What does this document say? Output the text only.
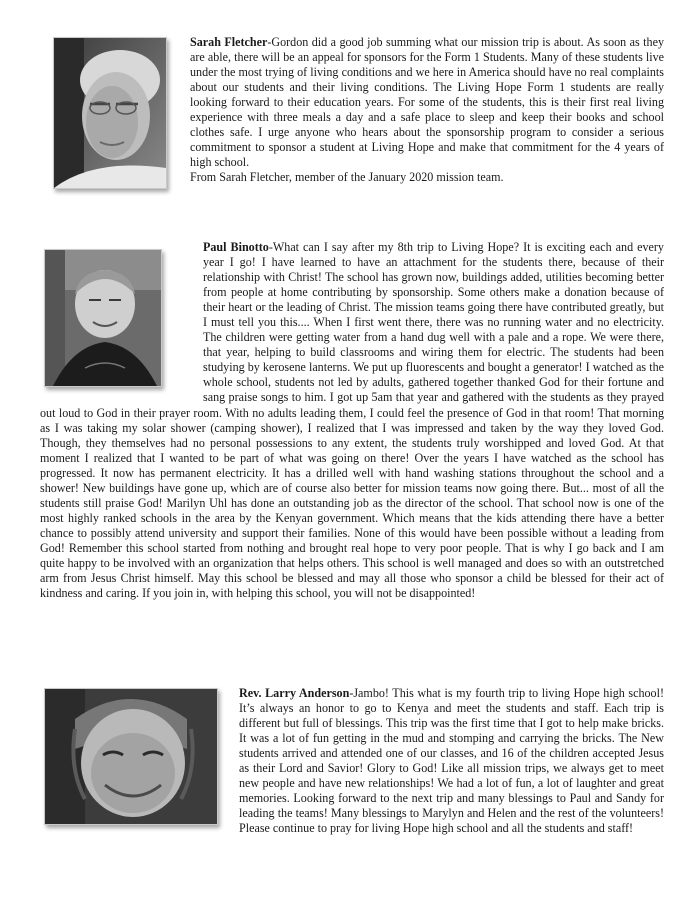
Sarah Fletcher-Gordon did a good job summing what our mission trip is about. As soon as they are able, there will be an appeal for sponsors for the Form 1 Students. Many of these students live under the most trying of living conditions and we here in America should have no real complaints about our students and their living conditions. The Living Hope Form 1 students are really looking forward to their education years. For some of the students, this is their first real living experience with three meals a day and a safe place to sleep and keep their books and school clothes safe. I urge anyone who hears about the sponsorship program to consider a serious commitment to sponsor a student at Living Hope and make that commitment for the 4 years of high school.

From Sarah Fletcher, member of the January 2020 mission team.

Paul Binotto-What can I say after my 8th trip to Living Hope? It is exciting each and every year I go! I have learned to have an attachment for the students there, because of their relationship with Christ! The school has grown now, buildings added, utilities becoming better from people at home contributing by sponsorship. Some others make a donation because of their heart or the leading of Christ. The mission teams going there have contributed greatly, but I must tell you this.... When I first went there, there was no running water and no electricity. The children were getting water from a hand dug well with a pale and a rope. We were there, that year, helping to build classrooms and wiring them for electric. The students had been studying by kerosene lanterns. We put up fluorescents and bought a generator! I watched as the whole school, students not led by adults, gathered together thanked God for their fortune and sang praise songs to him. I got up 5am that year and gathered with the students as they prayed out loud to God in their prayer room. With no adults leading them, I could feel the presence of God in that room! That morning as I was taking my solar shower (camping shower), I realized that I was impressed and taken by the way they loved God. Though, they themselves had no personal possessions to any extent, the students truly worshipped and loved God. At that moment I realized that I wanted to be part of what was going on there! Over the years I have watched as the school has progressed. It now has permanent electricity. It has a drilled well with hand washing stations throughout the school and a shower! New buildings have gone up, which are of course also better for mission teams now going there. But... most of all the students still praise God! Marilyn Uhl has done an outstanding job as the director of the school. That school now is one of the most highly ranked schools in the area by the Kenyan government. Which means that the kids attending there have a better chance to possibly attend university and support their families. None of this would have been possible without a leading from God! Remember this school started from nothing and brought real hope to very poor people. That is why I go back and I am quite happy to be involved with an organization that helps others. This school is well managed and does so with an outstretched arm from Jesus Christ himself. May this school be blessed and may all those who sponsor a child be blessed for their act of kindness and caring. If you join in, with helping this school, you will not be disappointed!

Rev. Larry Anderson-Jambo! This what is my fourth trip to living Hope high school! It’s always an honor to go to Kenya and meet the students and staff. Each trip is different but full of blessings. This trip was the first time that I got to help make bricks. It was a lot of fun getting in the mud and stomping and carrying the bricks. The New students arrived and attended one of our classes, and 16 of the children accepted Jesus as their Lord and Savior! Glory to God! Like all mission trips, we always get to meet new people and have new relationships! We had a lot of fun, a lot of laughter and great memories. Looking forward to the next trip and many blessings to Paul and Sandy for leading the teams! Many blessings to Marylyn and Helen and the rest of the volunteers! Please continue to pray for living Hope high school and all the students and staff!
